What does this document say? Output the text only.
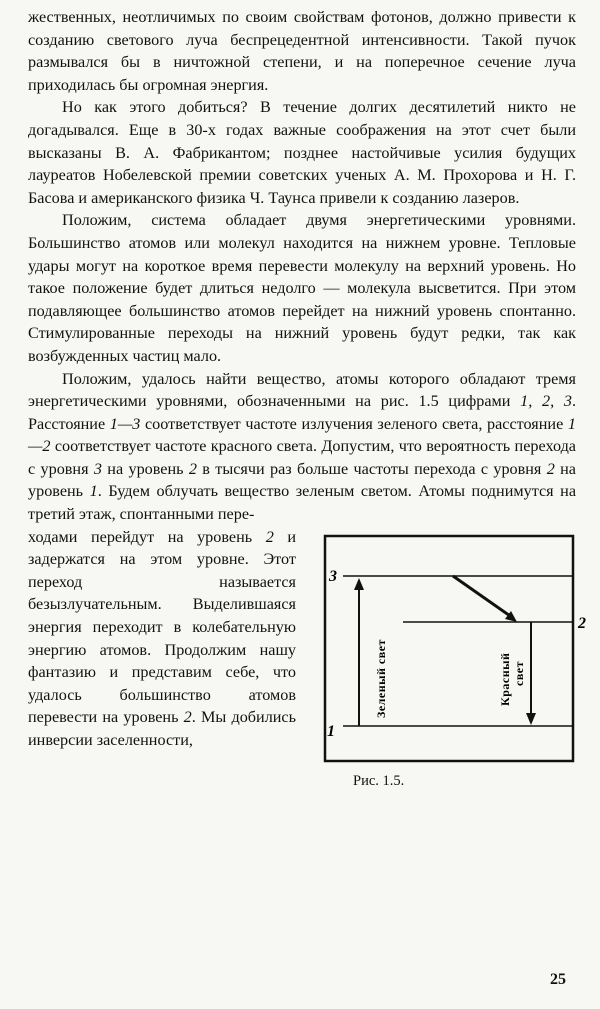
жественных, неотличимых по своим свойствам фотонов, должно привести к созданию светового луча беспрецедентной интенсивности. Такой пучок размывался бы в ничтожной степени, и на поперечное сечение луча приходилась бы огромная энергия.

Но как этого добиться? В течение долгих десятилетий никто не догадывался. Еще в 30-х годах важные соображения на этот счет были высказаны В. А. Фабрикантом; позднее настойчивые усилия будущих лауреатов Нобелевской премии советских ученых А. М. Прохорова и Н. Г. Басова и американского физика Ч. Таунса привели к созданию лазеров.

Положим, система обладает двумя энергетическими уровнями. Большинство атомов или молекул находится на нижнем уровне. Тепловые удары могут на короткое время перевести молекулу на верхний уровень. Но такое положение будет длиться недолго — молекула высветится. При этом подавляющее большинство атомов перейдет на нижний уровень спонтанно. Стимулированные переходы на нижний уровень будут редки, так как возбужденных частиц мало.

Положим, удалось найти вещество, атомы которого обладают тремя энергетическими уровнями, обозначенными на рис. 1.5 цифрами 1, 2, 3. Расстояние 1—3 соответствует частоте излучения зеленого света, расстояние 1—2 соответствует частоте красного света. Допустим, что вероятность перехода с уровня 3 на уровень 2 в тысячи раз больше частоты перехода с уровня 2 на уровень 1. Будем облучать вещество зеленым светом. Атомы поднимутся на третий этаж, спонтанными пере-

ходами перейдут на уровень 2 и задержатся на этом уровне. Этот переход называется безызлучательным. Выделившаяся энергия переходит в колебательную энергию атомов. Продолжим нашу фантазию и представим себе, что удалось большинство атомов перевести на уровень 2. Мы добились инверсии заселенности,

3
2
1
Зеленый свет	Красный свет
Рис. 1.5.
25
